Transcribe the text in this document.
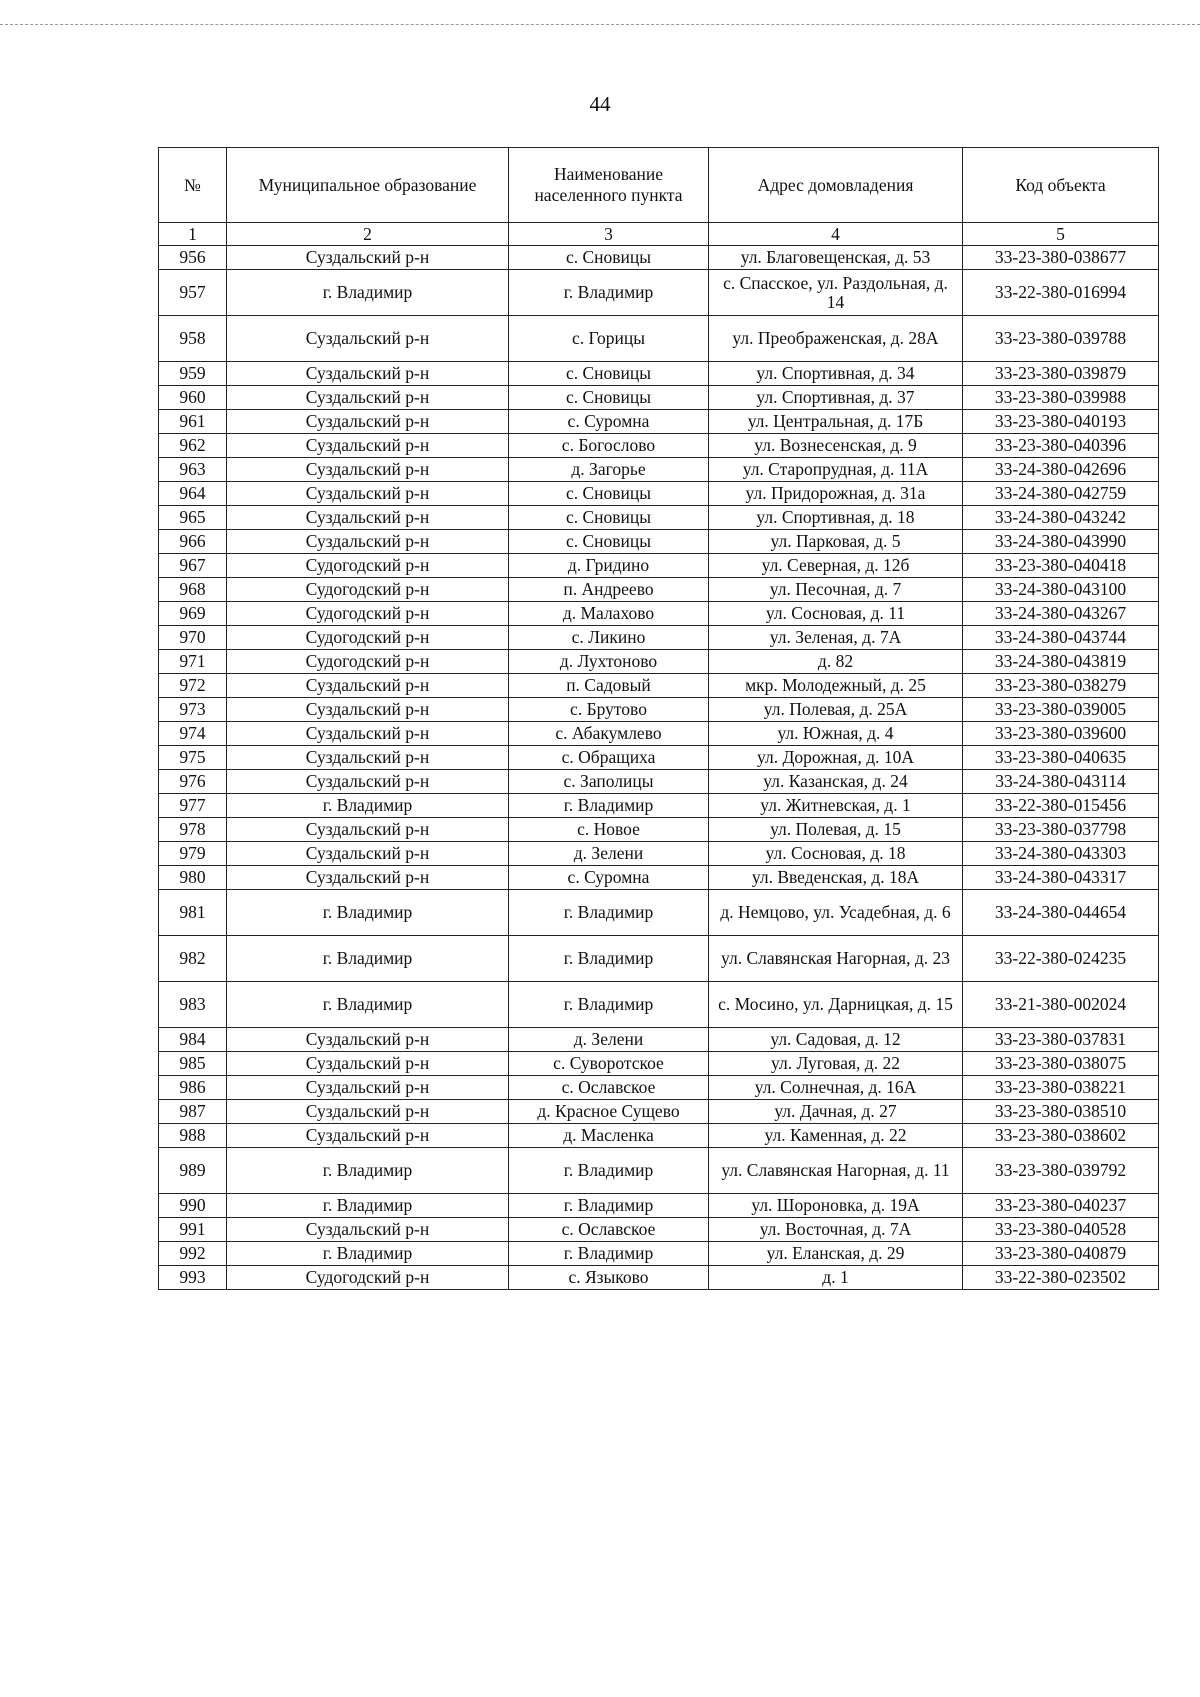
44
№	Муниципальное образование	Наименование населенного пункта	Адрес домовладения	Код объекта
1	2	3	4	5
956	Суздальский р-н	с. Сновицы	ул. Благовещенская, д. 53	33-23-380-038677
957	г. Владимир	г. Владимир	с. Спасское, ул. Раздольная, д. 14	33-22-380-016994
958	Суздальский р-н	с. Горицы	ул. Преображенская, д. 28А	33-23-380-039788
959	Суздальский р-н	с. Сновицы	ул. Спортивная, д. 34	33-23-380-039879
960	Суздальский р-н	с. Сновицы	ул. Спортивная, д. 37	33-23-380-039988
961	Суздальский р-н	с. Суромна	ул. Центральная, д. 17Б	33-23-380-040193
962	Суздальский р-н	с. Богослово	ул. Вознесенская, д. 9	33-23-380-040396
963	Суздальский р-н	д. Загорье	ул. Старопрудная, д. 11А	33-24-380-042696
964	Суздальский р-н	с. Сновицы	ул. Придорожная, д. 31а	33-24-380-042759
965	Суздальский р-н	с. Сновицы	ул. Спортивная, д. 18	33-24-380-043242
966	Суздальский р-н	с. Сновицы	ул. Парковая, д. 5	33-24-380-043990
967	Судогодский р-н	д. Гридино	ул. Северная, д. 12б	33-23-380-040418
968	Судогодский р-н	п. Андреево	ул. Песочная, д. 7	33-24-380-043100
969	Судогодский р-н	д. Малахово	ул. Сосновая, д. 11	33-24-380-043267
970	Судогодский р-н	с. Ликино	ул. Зеленая, д. 7А	33-24-380-043744
971	Судогодский р-н	д. Лухтоново	д. 82	33-24-380-043819
972	Суздальский р-н	п. Садовый	мкр. Молодежный, д. 25	33-23-380-038279
973	Суздальский р-н	с. Брутово	ул. Полевая, д. 25А	33-23-380-039005
974	Суздальский р-н	с. Абакумлево	ул. Южная, д. 4	33-23-380-039600
975	Суздальский р-н	с. Обращиха	ул. Дорожная, д. 10А	33-23-380-040635
976	Суздальский р-н	с. Заполицы	ул. Казанская, д. 24	33-24-380-043114
977	г. Владимир	г. Владимир	ул. Житневская, д. 1	33-22-380-015456
978	Суздальский р-н	с. Новое	ул. Полевая, д. 15	33-23-380-037798
979	Суздальский р-н	д. Зелени	ул. Сосновая, д. 18	33-24-380-043303
980	Суздальский р-н	с. Суромна	ул. Введенская, д. 18А	33-24-380-043317
981	г. Владимир	г. Владимир	д. Немцово, ул. Усадебная, д. 6	33-24-380-044654
982	г. Владимир	г. Владимир	ул. Славянская Нагорная, д. 23	33-22-380-024235
983	г. Владимир	г. Владимир	с. Мосино, ул. Дарницкая, д. 15	33-21-380-002024
984	Суздальский р-н	д. Зелени	ул. Садовая, д. 12	33-23-380-037831
985	Суздальский р-н	с. Суворотское	ул. Луговая, д. 22	33-23-380-038075
986	Суздальский р-н	с. Ославское	ул. Солнечная, д. 16А	33-23-380-038221
987	Суздальский р-н	д. Красное Сущево	ул. Дачная, д. 27	33-23-380-038510
988	Суздальский р-н	д. Масленка	ул. Каменная, д. 22	33-23-380-038602
989	г. Владимир	г. Владимир	ул. Славянская Нагорная, д. 11	33-23-380-039792
990	г. Владимир	г. Владимир	ул. Шороновка, д. 19А	33-23-380-040237
991	Суздальский р-н	с. Ославское	ул. Восточная, д. 7А	33-23-380-040528
992	г. Владимир	г. Владимир	ул. Еланская, д. 29	33-23-380-040879
993	Судогодский р-н	с. Языково	д. 1	33-22-380-023502
